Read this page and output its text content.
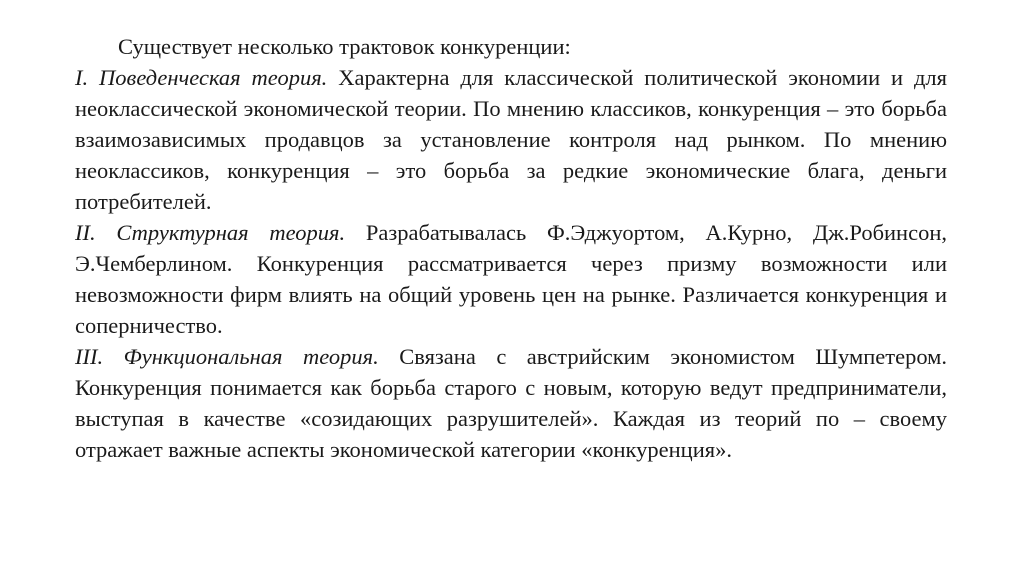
Существует несколько трактовок конкуренции:

I. Поведенческая теория. Характерна для классической политической экономии и для неоклассической экономической теории. По мнению классиков, конкуренция – это борьба взаимозависимых продавцов за установление контроля над рынком. По мнению неоклассиков, конкуренция – это борьба за редкие экономические блага, деньги потребителей.

II. Структурная теория. Разрабатывалась Ф.Эджуортом, А.Курно, Дж.Робинсон, Э.Чемберлином. Конкуренция рассматривается через призму возможности или невозможности фирм влиять на общий уровень цен на рынке. Различается конкуренция и соперничество.

III. Функциональная теория. Связана с австрийским экономистом Шумпетером. Конкуренция понимается как борьба старого с новым, которую ведут предприниматели, выступая в качестве «созидающих разрушителей». Каждая из теорий по – своему отражает важные аспекты экономической категории «конкуренция».
